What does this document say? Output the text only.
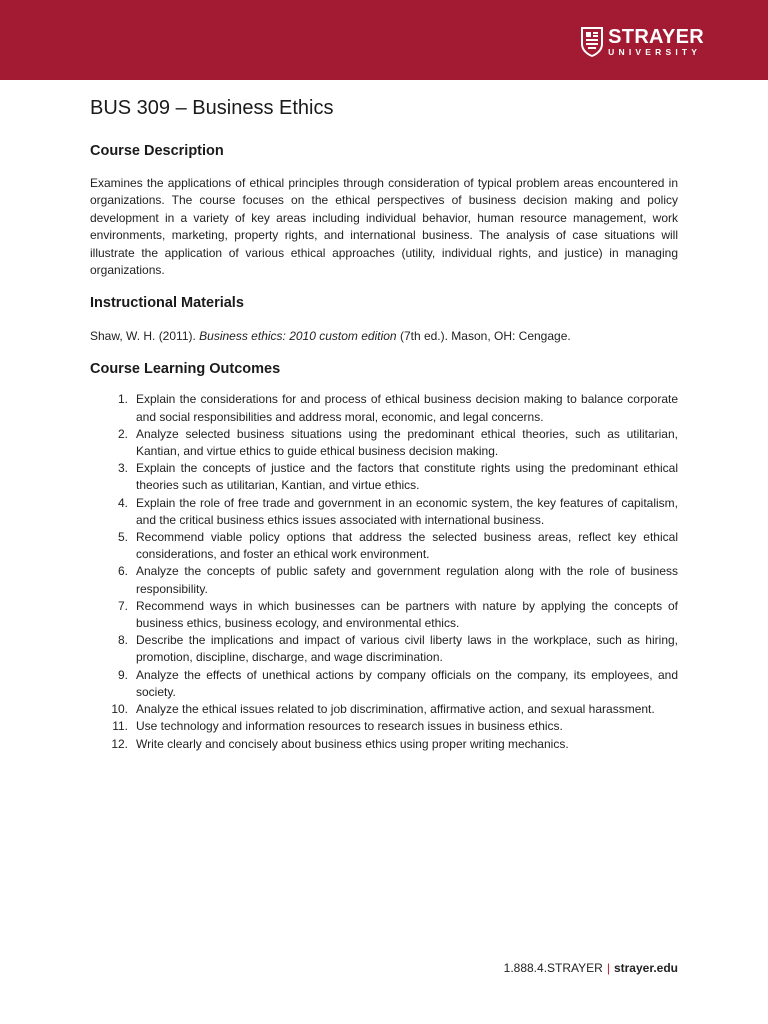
STRAYER
UNIVERSITY
BUS 309 – Business Ethics
Course Description

Examines the applications of ethical principles through consideration of typical problem areas encountered in organizations. The course focuses on the ethical perspectives of business decision making and policy development in a variety of key areas including individual behavior, human resource management, work environments, marketing, property rights, and international business. The analysis of case situations will illustrate the application of various ethical approaches (utility, individual rights, and justice) in managing organizations.

Instructional Materials

Shaw, W. H. (2011). Business ethics: 2010 custom edition (7th ed.). Mason, OH: Cengage.

Course Learning Outcomes
1. Explain the considerations for and process of ethical business decision making to balance corporate and social responsibilities and address moral, economic, and legal concerns.
2. Analyze selected business situations using the predominant ethical theories, such as utilitarian, Kantian, and virtue ethics to guide ethical business decision making.
3. Explain the concepts of justice and the factors that constitute rights using the predominant ethical theories such as utilitarian, Kantian, and virtue ethics.
4. Explain the role of free trade and government in an economic system, the key features of capitalism, and the critical business ethics issues associated with international business.
5. Recommend viable policy options that address the selected business areas, reflect key ethical considerations, and foster an ethical work environment.
6. Analyze the concepts of public safety and government regulation along with the role of business responsibility.
7. Recommend ways in which businesses can be partners with nature by applying the concepts of business ethics, business ecology, and environmental ethics.
8. Describe the implications and impact of various civil liberty laws in the workplace, such as hiring, promotion, discipline, discharge, and wage discrimination.
9. Analyze the effects of unethical actions by company officials on the company, its employees, and society.
10. Analyze the ethical issues related to job discrimination, affirmative action, and sexual harassment.
11. Use technology and information resources to research issues in business ethics.
12. Write clearly and concisely about business ethics using proper writing mechanics.
1.888.4.STRAYER | strayer.edu
